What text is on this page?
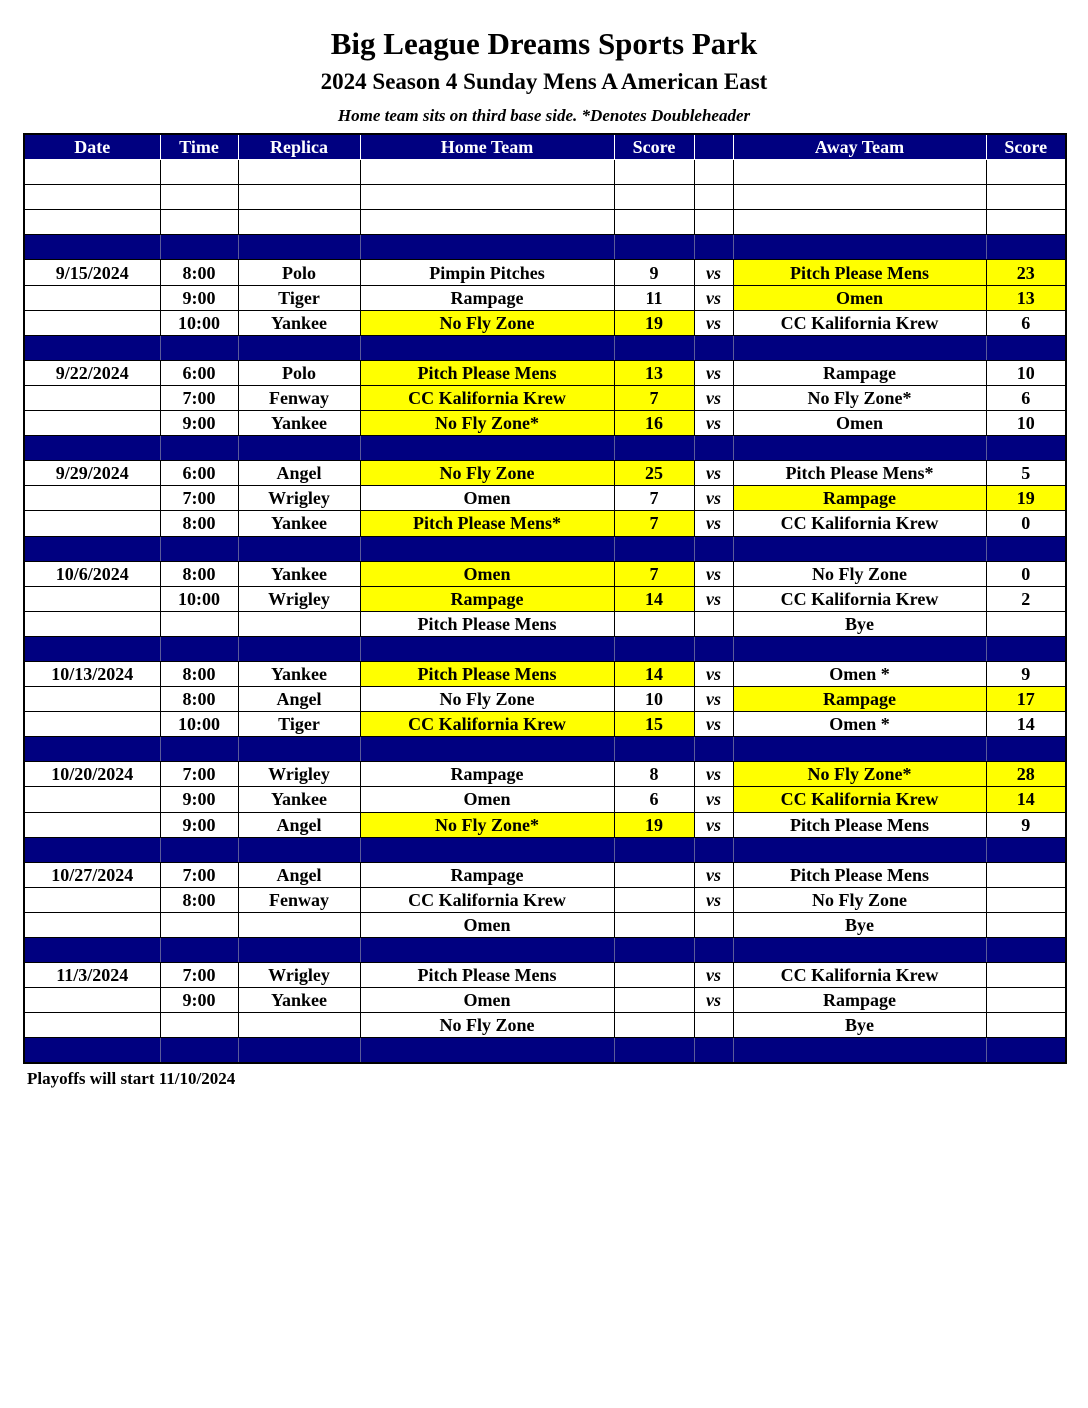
Big League Dreams Sports Park
2024 Season 4 Sunday Mens A American East
Home team sits on third base side. *Denotes Doubleheader
Date	Time	Replica	Home Team	Score		Away Team	Score

9/15/2024	8:00	Polo	Pimpin Pitches	9	vs	Pitch Please Mens	23
	9:00	Tiger	Rampage	11	vs	Omen	13
	10:00	Yankee	No Fly Zone	19	vs	CC Kalifornia Krew	6

9/22/2024	6:00	Polo	Pitch Please Mens	13	vs	Rampage	10
	7:00	Fenway	CC Kalifornia Krew	7	vs	No Fly Zone*	6
	9:00	Yankee	No Fly Zone*	16	vs	Omen	10

9/29/2024	6:00	Angel	No Fly Zone	25	vs	Pitch Please Mens*	5
	7:00	Wrigley	Omen	7	vs	Rampage	19
	8:00	Yankee	Pitch Please Mens*	7	vs	CC Kalifornia Krew	0

10/6/2024	8:00	Yankee	Omen	7	vs	No Fly Zone	0
	10:00	Wrigley	Rampage	14	vs	CC Kalifornia Krew	2
			Pitch Please Mens			Bye	

10/13/2024	8:00	Yankee	Pitch Please Mens	14	vs	Omen *	9
	8:00	Angel	No Fly Zone	10	vs	Rampage	17
	10:00	Tiger	CC Kalifornia Krew	15	vs	Omen *	14

10/20/2024	7:00	Wrigley	Rampage	8	vs	No Fly Zone*	28
	9:00	Yankee	Omen	6	vs	CC Kalifornia Krew	14
	9:00	Angel	No Fly Zone*	19	vs	Pitch Please Mens	9

10/27/2024	7:00	Angel	Rampage		vs	Pitch Please Mens	
	8:00	Fenway	CC Kalifornia Krew		vs	No Fly Zone	
			Omen			Bye	

11/3/2024	7:00	Wrigley	Pitch Please Mens		vs	CC Kalifornia Krew	
	9:00	Yankee	Omen		vs	Rampage	
			No Fly Zone			Bye	

Playoffs will start 11/10/2024
